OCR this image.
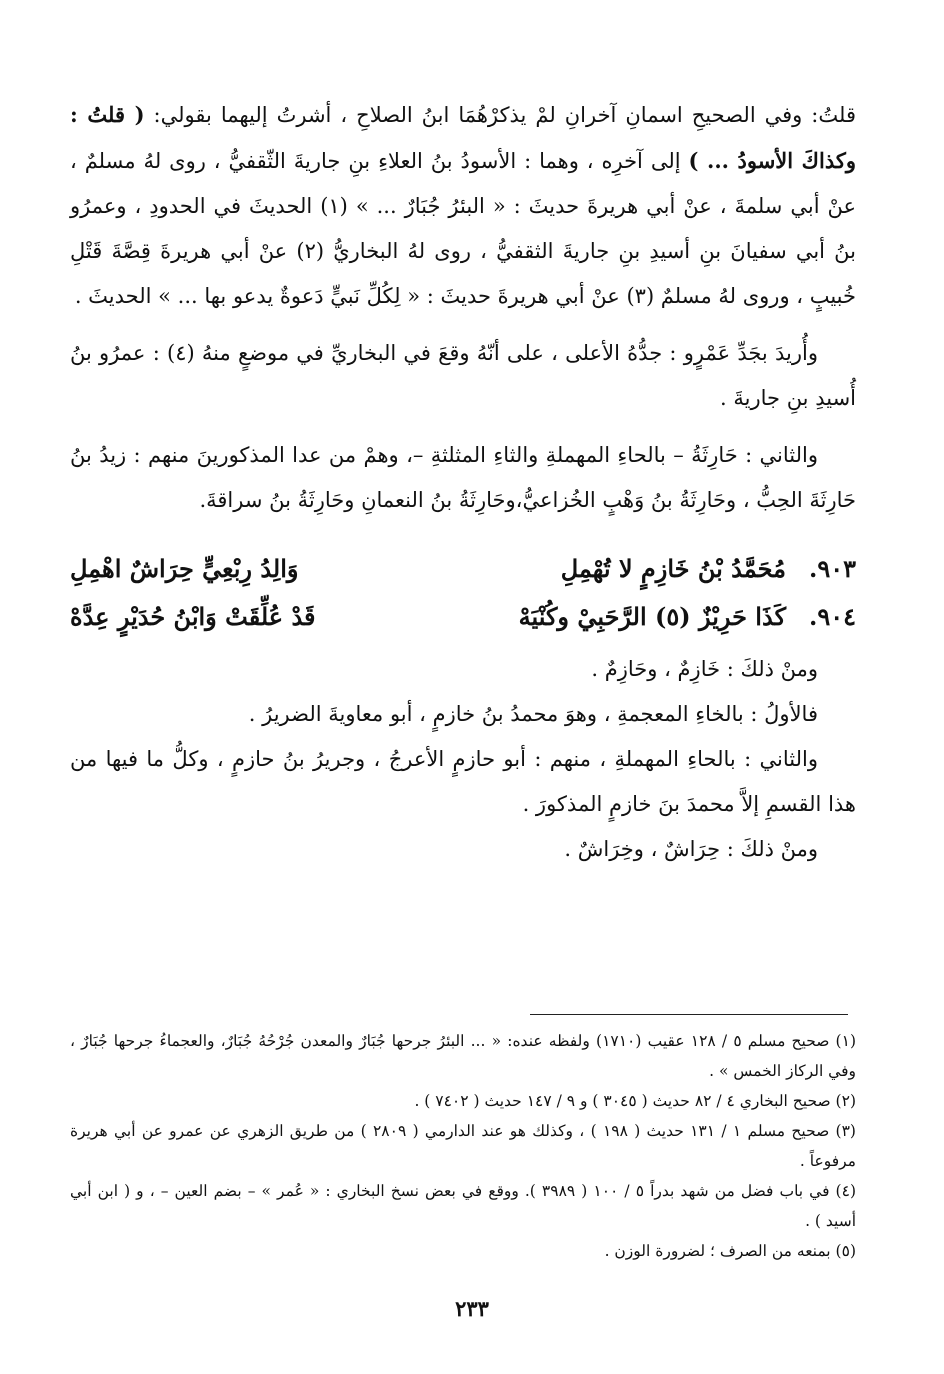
قلتُ: وفي الصحيحِ اسمانِ آخرانِ لمْ يذكرْهُمَا ابنُ الصلاحِ ، أشرتُ إليهما بقولي: ( قلتُ : وكذاكَ الأسودُ ... ) إلى آخرِه ، وهما : الأسودُ بنُ العلاءِ بنِ جاريةَ الثّقفيُّ ، روى لهُ مسلمٌ ، عنْ أبي سلمةَ ، عنْ أبي هريرةَ حديثَ : « البئرُ جُبَارٌ ... » (١) الحديثَ في الحدودِ ، وعمرُو بنُ أبي سفيانَ بنِ أسيدِ بنِ جاريةَ الثقفيُّ ، روى لهُ البخاريُّ (٢) عنْ أبي هريرةَ قِصَّةَ قَتْلِ خُبيبٍ ، وروى لهُ مسلمٌ (٣) عنْ أبي هريرةَ حديثَ : « لِكُلِّ نَبيٍّ دَعوةٌ يدعو بها ... » الحديثَ .

وأُريدَ بجَدِّ عَمْرٍو : جدُّهُ الأعلى ، على أنّهُ وقعَ في البخاريِّ في موضعٍ منهُ (٤) : عمرُو بنُ أُسيدِ بنِ جاريةَ .

والثاني : حَارِثَةُ – بالحاءِ المهملةِ والثاءِ المثلثةِ –، وهمْ من عدا المذكورينَ منهم : زيدُ بنُ حَارِثَةَ الحِبُّ ، وحَارِثَةُ بنُ وَهْبٍ الخُزاعيُّ،وحَارِثَةُ بنُ النعمانِ وحَارِثَةُ بنُ سراقةَ.

٩٠٣.
مُحَمَّدُ بْنُ خَازِمٍ لا تُهْمِلِ
وَالِدُ رِبْعِيٍّ حِرَاشٌ اهْمِلِ
٩٠٤.
كَذَا حَرِيْزٌ (٥) الرَّحَبِيْ وكُنْيَهْ
قَدْ عُلِّقَتْ وَابْنُ حُدَيْرٍ عِدَّهْ

ومنْ ذلكَ : خَازِمٌ ، وحَازِمٌ .

فالأولُ : بالخاءِ المعجمةِ ، وهوَ محمدُ بنُ خازمٍ ، أبو معاويةَ الضريرُ .

والثاني : بالحاءِ المهملةِ ، منهم : أبو حازمٍ الأعرجُ ، وجريرُ بنُ حازمٍ ، وكلُّ ما فيها من هذا القسمِ إلاَّ محمدَ بنَ خازمٍ المذكورَ .

ومنْ ذلكَ : حِرَاشٌ ، وخِرَاشٌ .

(١) صحيح مسلم ٥ / ١٢٨ عقيب (١٧١٠) ولفظه عنده: « ... البئرُ جرحها جُبَارٌ والمعدن جُرْحُهُ جُبَارٌ، والعجماءُ جرحها جُبَارٌ ، وفي الركاز الخمس » .

(٢) صحيح البخاري ٤ / ٨٢ حديث ( ٣٠٤٥ ) و ٩ / ١٤٧ حديث ( ٧٤٠٢ ) .

(٣) صحيح مسلم ١ / ١٣١ حديث ( ١٩٨ ) ، وكذلك هو عند الدارمي ( ٢٨٠٩ ) من طريق الزهري عن عمرو عن أبي هريرة مرفوعاً .

(٤) في باب فضل من شهد بدراً ٥ / ١٠٠ ( ٣٩٨٩ ). ووقع في بعض نسخ البخاري : « عُمر » – بضم العين – ، و ( ابن أبي أسيد ) .

(٥) بمنعه من الصرف ؛ لضرورة الوزن .

٢٣٣
